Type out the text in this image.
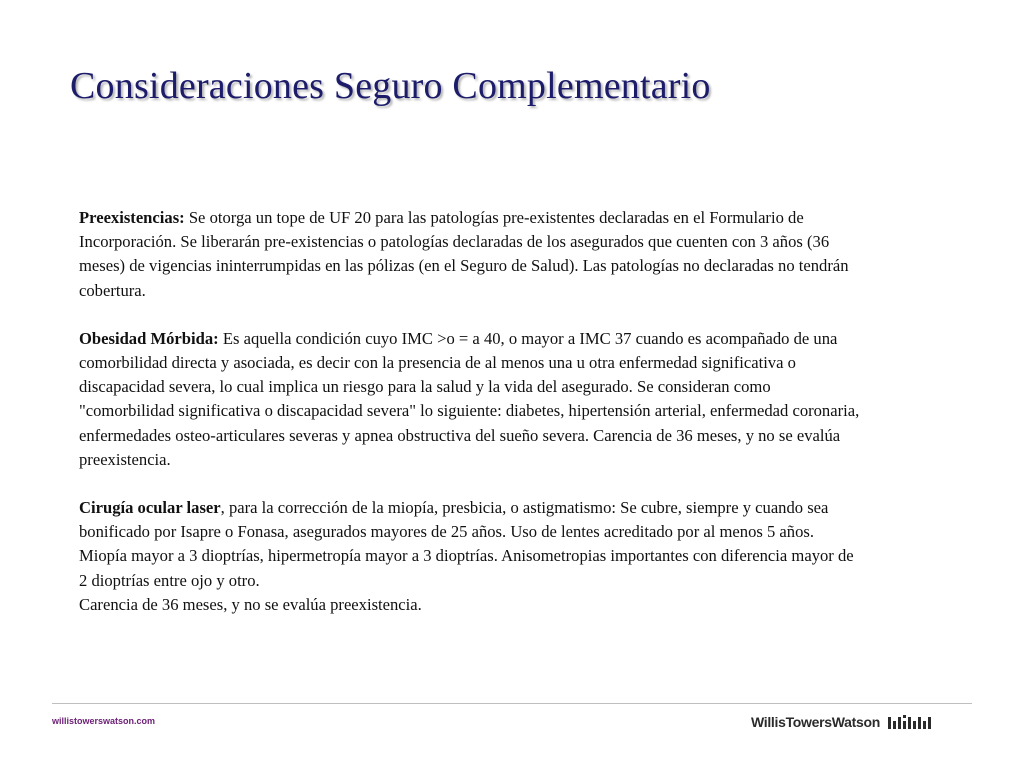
Consideraciones Seguro Complementario

Preexistencias: Se otorga un tope de UF 20 para las patologías pre-existentes declaradas en el Formulario de
Incorporación. Se liberarán pre-existencias o patologías declaradas de los asegurados que cuenten con 3 años (36
meses) de vigencias ininterrumpidas en las pólizas (en el Seguro de Salud). Las patologías no declaradas no tendrán
cobertura.

Obesidad Mórbida: Es aquella condición cuyo IMC >o = a 40, o mayor a IMC 37 cuando es acompañado de una
comorbilidad directa y asociada, es decir con la presencia de al menos una u otra enfermedad significativa o
discapacidad severa, lo cual implica un riesgo para la salud y la vida del asegurado. Se consideran como
"comorbilidad significativa o discapacidad severa" lo siguiente: diabetes, hipertensión arterial, enfermedad coronaria,
enfermedades osteo-articulares severas y apnea obstructiva del sueño severa. Carencia de 36 meses, y no se evalúa
preexistencia.

Cirugía ocular laser, para la corrección de la miopía, presbicia, o astigmatismo: Se cubre, siempre y cuando sea
bonificado por Isapre o Fonasa, asegurados mayores de 25 años. Uso de lentes acreditado por al menos 5 años.
Miopía mayor a 3 dioptrías, hipermetropía mayor a 3 dioptrías. Anisometropias importantes con diferencia mayor de
2 dioptrías entre ojo y otro.
Carencia de 36 meses, y no se evalúa preexistencia.

willistowerswatson.com	WillisTowersWatson
